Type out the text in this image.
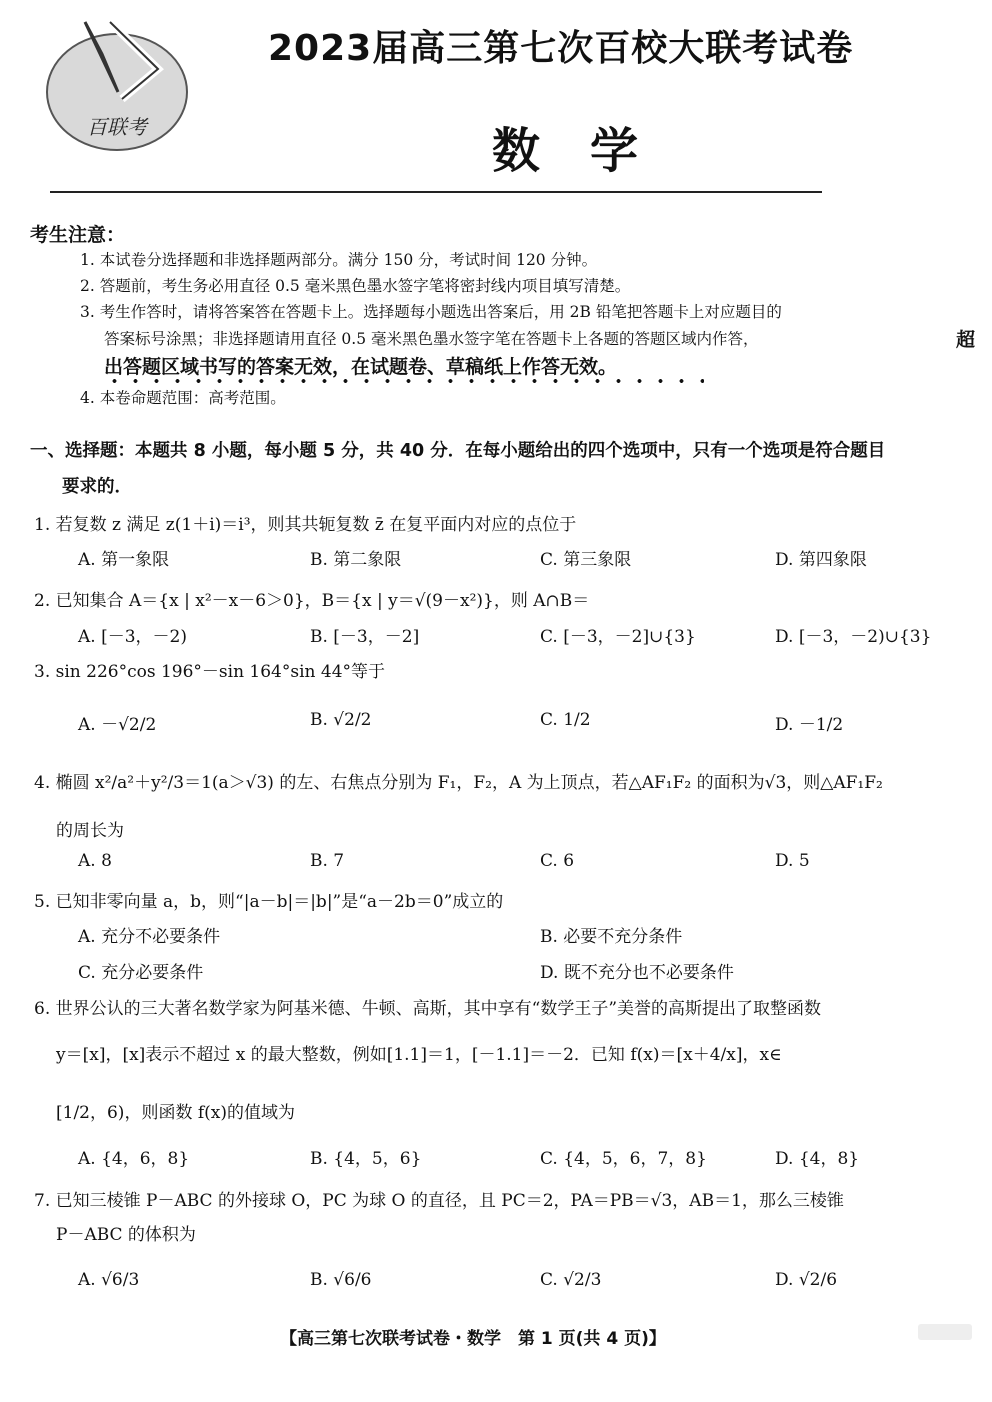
百联考
2023届高三第七次百校大联考试卷
数学
考生注意：
1. 本试卷分选择题和非选择题两部分。满分 150 分，考试时间 120 分钟。
2. 答题前，考生务必用直径 0.5 毫米黑色墨水签字笔将密封线内项目填写清楚。
3. 考生作答时，请将答案答在答题卡上。选择题每小题选出答案后，用 2B 铅笔把答题卡上对应题目的
答案标号涂黑；非选择题请用直径 0.5 毫米黑色墨水签字笔在答题卡上各题的答题区域内作答，	超
出答题区域书写的答案无效，在试题卷、草稿纸上作答无效。
4. 本卷命题范围：高考范围。
一、选择题：本题共 8 小题，每小题 5 分，共 40 分．在每小题给出的四个选项中，只有一个选项是符合题目
要求的．
1. 若复数 z 满足 z(1＋i)＝i³，则其共轭复数 z̄ 在复平面内对应的点位于
A. 第一象限	B. 第二象限	C. 第三象限	D. 第四象限
2. 已知集合 A＝{x | x²－x－6＞0}，B＝{x | y＝√(9－x²)}，则 A∩B＝
A. [－3，－2)	B. [－3，－2]	C. [－3，－2]∪{3}	D. [－3，－2)∪{3}
3. sin 226°cos 196°－sin 164°sin 44°等于
A. －√2/2	B. √2/2	C. 1/2	D. －1/2
4. 椭圆 x²/a²＋y²/3＝1(a＞√3) 的左、右焦点分别为 F₁，F₂，A 为上顶点，若△AF₁F₂ 的面积为√3，则△AF₁F₂
的周长为
A. 8	B. 7	C. 6	D. 5
5. 已知非零向量 a，b，则“|a－b|＝|b|”是“a－2b＝0”成立的
A. 充分不必要条件	B. 必要不充分条件
C. 充分必要条件	D. 既不充分也不必要条件
6. 世界公认的三大著名数学家为阿基米德、牛顿、高斯，其中享有“数学王子”美誉的高斯提出了取整函数
y＝[x]，[x]表示不超过 x 的最大整数，例如[1.1]＝1，[－1.1]＝－2．已知 f(x)＝[x＋4/x]，x∈
[1/2，6)，则函数 f(x)的值域为
A. {4，6，8}	B. {4，5，6}	C. {4，5，6，7，8}	D. {4，8}
7. 已知三棱锥 P－ABC 的外接球 O，PC 为球 O 的直径，且 PC＝2，PA＝PB＝√3，AB＝1，那么三棱锥
P－ABC 的体积为
A. √6/3	B. √6/6	C. √2/3	D. √2/6
【高三第七次联考试卷・数学　第 1 页(共 4 页)】
